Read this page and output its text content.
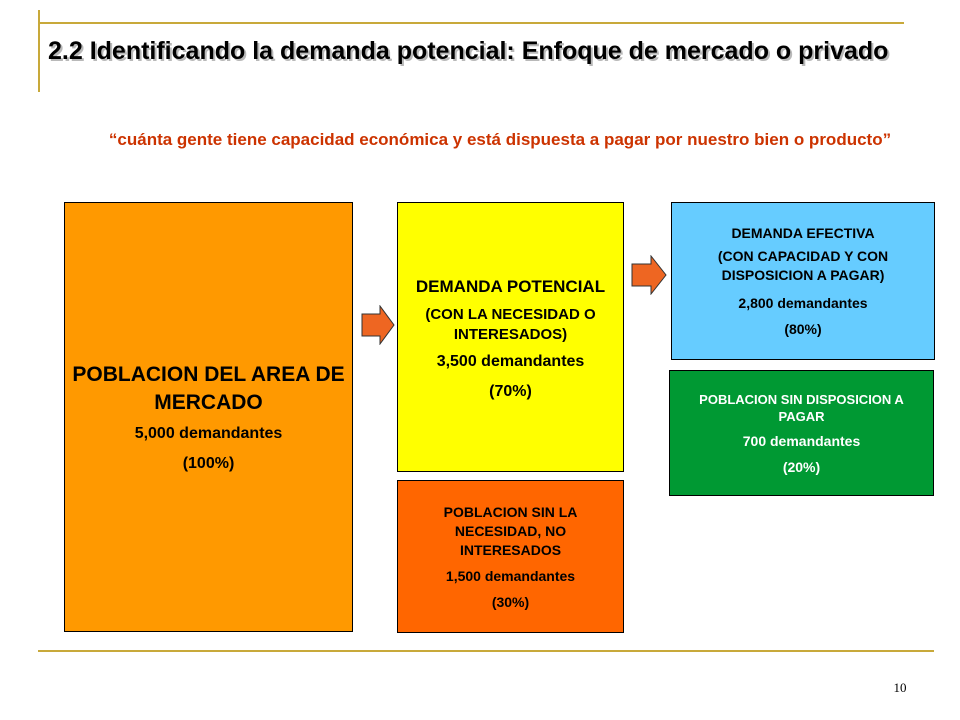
2.2 Identificando la demanda potencial: Enfoque de mercado o privado
“cuánta gente tiene capacidad económica y está dispuesta a pagar por nuestro bien o producto”
POBLACION DEL AREA DE MERCADO
5,000 demandantes
(100%)
DEMANDA POTENCIAL
(CON LA NECESIDAD O INTERESADOS)
3,500 demandantes
(70%)
POBLACION SIN LA NECESIDAD, NO INTERESADOS
1,500 demandantes
(30%)
DEMANDA EFECTIVA
(CON CAPACIDAD Y CON DISPOSICION A PAGAR)
2,800 demandantes
(80%)
POBLACION SIN DISPOSICION A PAGAR
700 demandantes
(20%)
10
